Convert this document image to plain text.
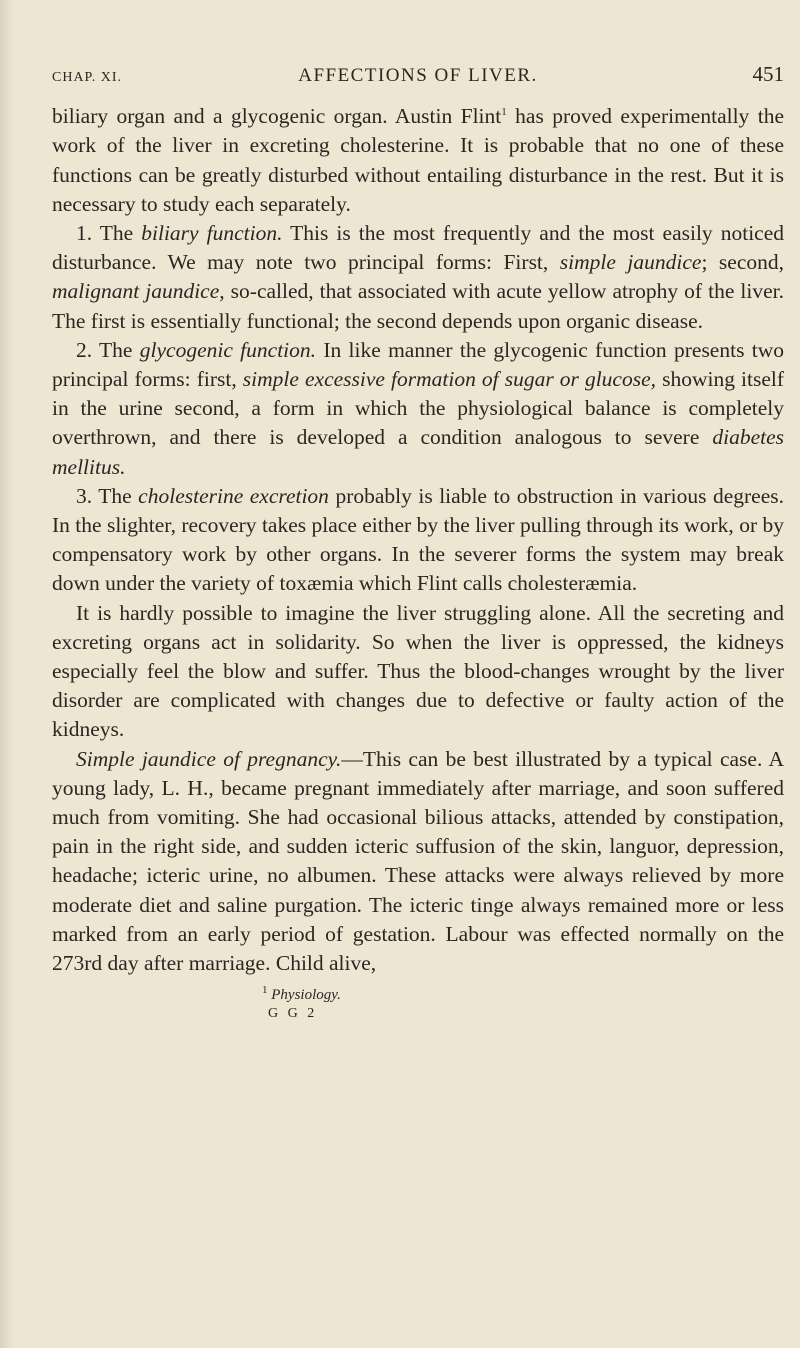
CHAP. XI.	AFFECTIONS OF LIVER.	451

biliary organ and a glycogenic organ. Austin Flint$^1$ has proved experimentally the work of the liver in excreting cholesterine. It is probable that no one of these functions can be greatly disturbed without entailing disturbance in the rest. But it is necessary to study each separately.

1. The biliary function. This is the most frequently and the most easily noticed disturbance. We may note two principal forms: First, simple jaundice; second, malignant jaundice, so-called, that associated with acute yellow atrophy of the liver. The first is essentially functional; the second depends upon organic disease.

2. The glycogenic function. In like manner the glycogenic function presents two principal forms: first, simple excessive formation of sugar or glucose, showing itself in the urine second, a form in which the physiological balance is completely overthrown, and there is developed a condition analogous to severe diabetes mellitus.

3. The cholesterine excretion probably is liable to obstruction in various degrees. In the slighter, recovery takes place either by the liver pulling through its work, or by compensatory work by other organs. In the severer forms the system may break down under the variety of toxæmia which Flint calls cholesteræmia.

It is hardly possible to imagine the liver struggling alone. All the secreting and excreting organs act in solidarity. So when the liver is oppressed, the kidneys especially feel the blow and suffer. Thus the blood-changes wrought by the liver disorder are complicated with changes due to defective or faulty action of the kidneys.

Simple jaundice of pregnancy.—This can be best illustrated by a typical case. A young lady, L. H., became pregnant immediately after marriage, and soon suffered much from vomiting. She had occasional bilious attacks, attended by constipation, pain in the right side, and sudden icteric suffusion of the skin, languor, depression, headache; icteric urine, no albumen. These attacks were always relieved by more moderate diet and saline purgation. The icteric tinge always remained more or less marked from an early period of gestation. Labour was effected normally on the 273rd day after marriage. Child alive,

$^1$ Physiology.
G G 2
